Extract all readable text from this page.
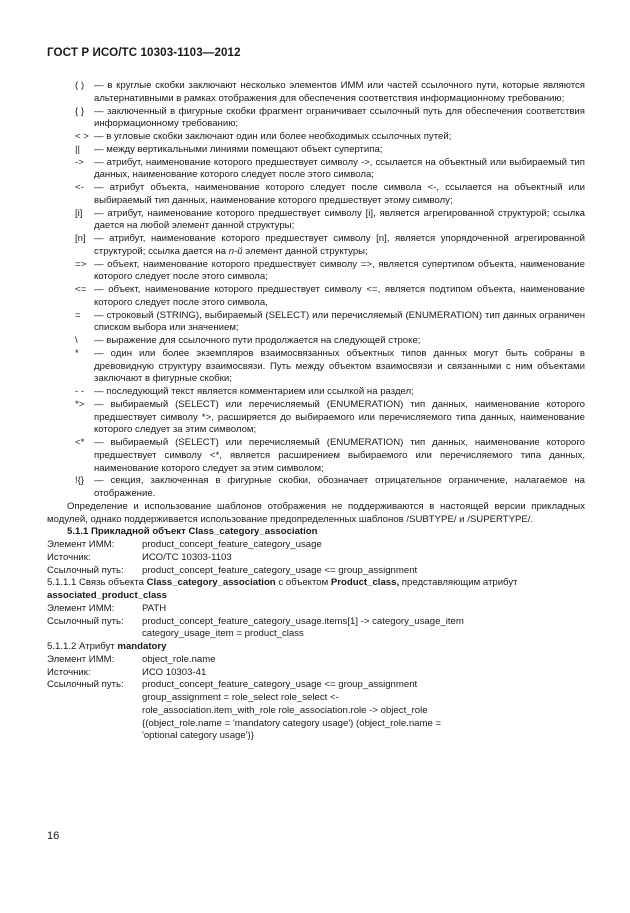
ГОСТ Р ИСО/ТС 10303-1103—2012
( )	— в круглые скобки заключают несколько элементов ИММ или частей ссылочного пути, которые являются альтернативными в рамках отображения для обеспечения соответствия информационному требованию;
{ }	— заключенный в фигурные скобки фрагмент ограничивает ссылочный путь для обеспечения соответствия информационному требованию;
< > — в угловые скобки заключают один или более необходимых ссылочных путей;
||	— между вертикальными линиями помещают объект супертипа;
->	— атрибут, наименование которого предшествует символу ->, ссылается на объектный или выбираемый тип данных, наименование которого следует после этого символа;
<-	— атрибут объекта, наименование которого следует после символа <-, ссылается на объектный или выбираемый тип данных, наименование которого предшествует этому символу;
[i]	— атрибут, наименование которого предшествует символу [i], является агрегированной структурой; ссылка дается на любой элемент данной структуры;
[n] — атрибут, наименование которого предшествует символу [n], является упорядоченной агрегированной структурой; ссылка дается на n-й элемент данной структуры;
=> — объект, наименование которого предшествует символу =>, является супертипом объекта, наименование которого следует после этого символа;
<= — объект, наименование которого предшествует символу <=, является подтипом объекта, наименование которого следует после этого символа,
=	— строковый (STRING), выбираемый (SELECT) или перечисляемый (ENUMERATION) тип данных ограничен списком выбора или значением;
\	— выражение для ссылочного пути продолжается на следующей строке;
*	— один или более экземпляров взаимосвязанных объектных типов данных могут быть собраны в древовидную структуру взаимосвязи. Путь между объектом взаимосвязи и связанными с ним объектами заключают в фигурные скобки;
- -	— последующий текст является комментарием или ссылкой на раздел;
*>	— выбираемый (SELECT) или перечисляемый (ENUMERATION) тип данных, наименование которого предшествует символу *>, расширяется до выбираемого или перечисляемого типа данных, наименование которого следует за этим символом;
<*	— выбираемый (SELECT) или перечисляемый (ENUMERATION) тип данных, наименование которого предшествует символу <*, является расширением выбираемого или перечисляемого типа данных, наименование которого следует за этим символом;
!{}	— секция, заключенная в фигурные скобки, обозначает отрицательное ограничение, налагаемое на отображение.

Определение и использование шаблонов отображения не поддерживаются в настоящей версии прикладных модулей, однако поддерживается использование предопределенных шаблонов /SUBTYPE/ и /SUPERTYPE/.

5.1.1 Прикладной объект Class_category_association

Элемент ИММ:	product_concept_feature_category_usage
Источник:	ИСО/ТС 10303-1103
Ссылочный путь:	product_concept_feature_category_usage <= group_assignment

5.1.1.1 Связь объекта Class_category_association с объектом Product_class, представляющим атрибут

associated_product_class

Элемент ИММ:	PATH
Ссылочный путь:	product_concept_feature_category_usage.items[1] -> category_usage_item
category_usage_item = product_class

5.1.1.2 Атрибут mandatory

Элемент ИММ:	object_role.name
Источник:	ИСО 10303-41
Ссылочный путь:	product_concept_feature_category_usage <= group_assignment
group_assignment = role_select role_select <-
role_association.item_with_role role_association.role -> object_role
{(object_role.name = 'mandatory category usage') (object_role.name =
'optional category usage')}
16
